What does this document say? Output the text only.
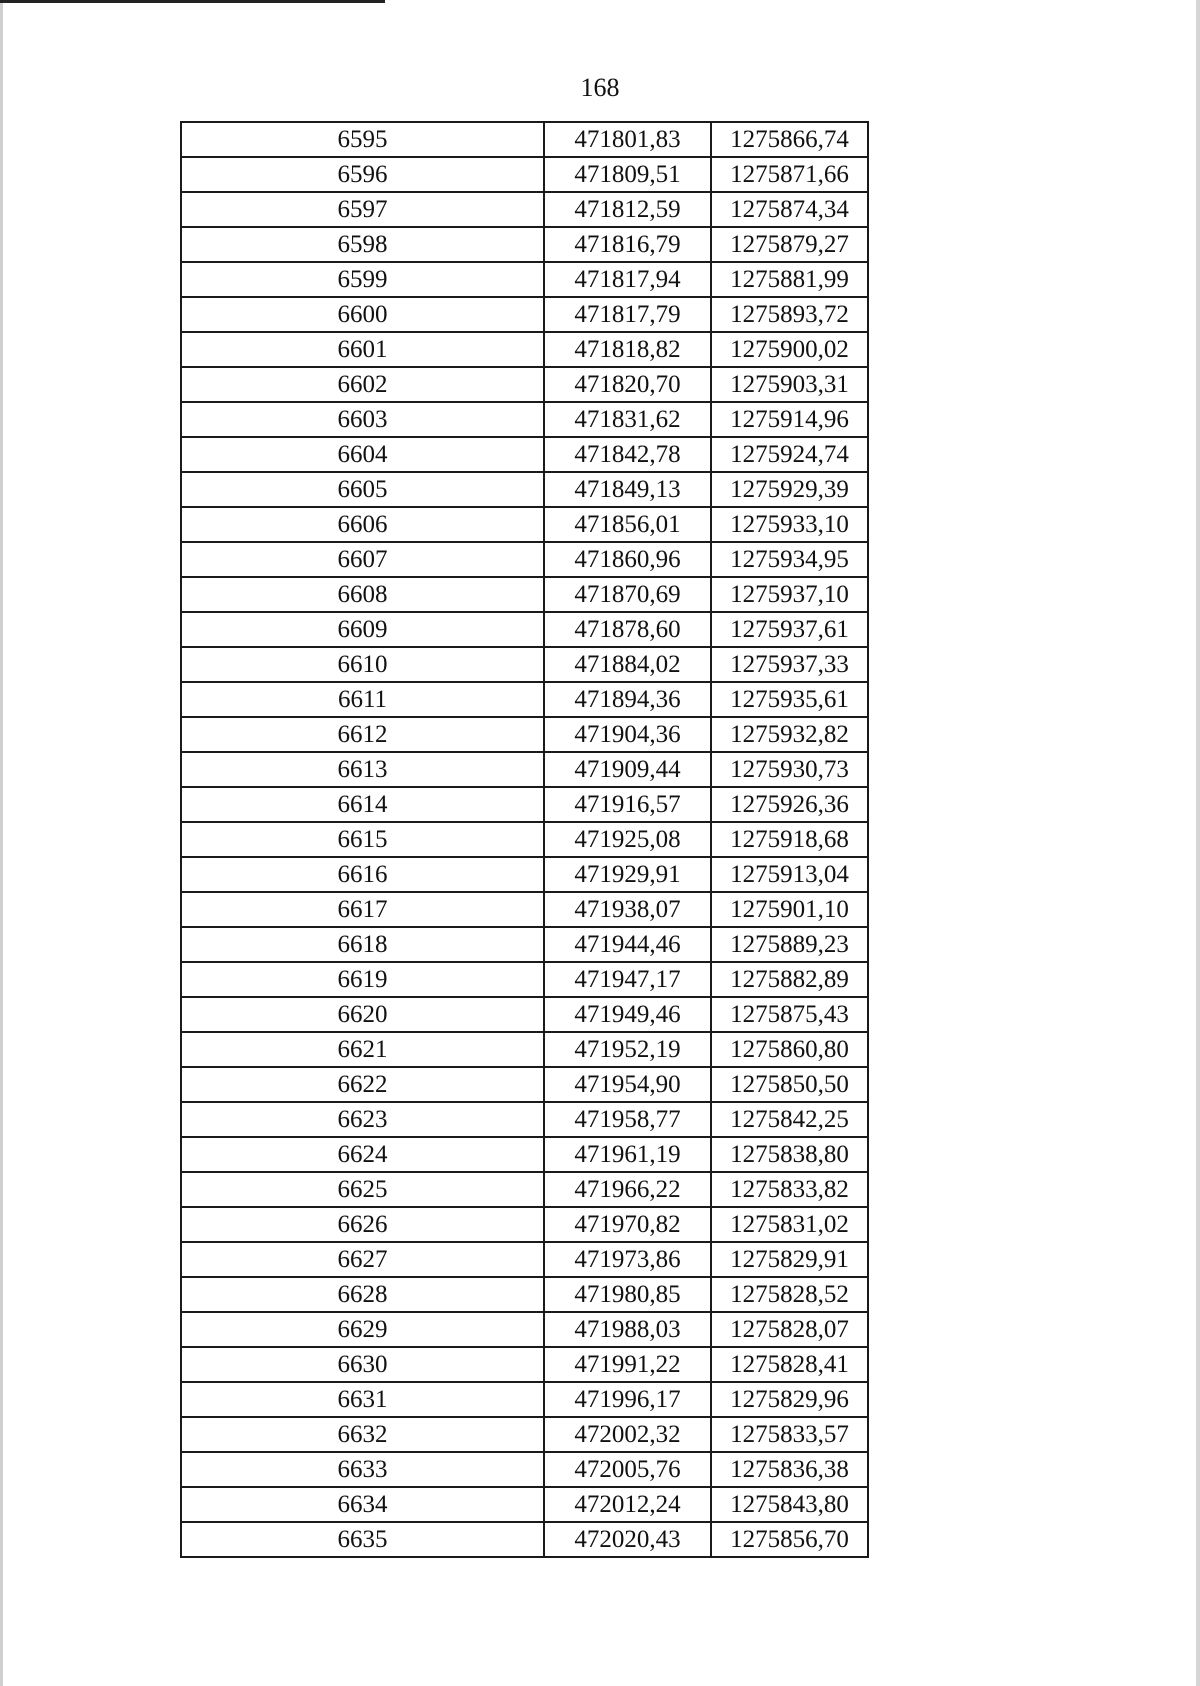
168
6595	471801,83	1275866,74
6596	471809,51	1275871,66
6597	471812,59	1275874,34
6598	471816,79	1275879,27
6599	471817,94	1275881,99
6600	471817,79	1275893,72
6601	471818,82	1275900,02
6602	471820,70	1275903,31
6603	471831,62	1275914,96
6604	471842,78	1275924,74
6605	471849,13	1275929,39
6606	471856,01	1275933,10
6607	471860,96	1275934,95
6608	471870,69	1275937,10
6609	471878,60	1275937,61
6610	471884,02	1275937,33
6611	471894,36	1275935,61
6612	471904,36	1275932,82
6613	471909,44	1275930,73
6614	471916,57	1275926,36
6615	471925,08	1275918,68
6616	471929,91	1275913,04
6617	471938,07	1275901,10
6618	471944,46	1275889,23
6619	471947,17	1275882,89
6620	471949,46	1275875,43
6621	471952,19	1275860,80
6622	471954,90	1275850,50
6623	471958,77	1275842,25
6624	471961,19	1275838,80
6625	471966,22	1275833,82
6626	471970,82	1275831,02
6627	471973,86	1275829,91
6628	471980,85	1275828,52
6629	471988,03	1275828,07
6630	471991,22	1275828,41
6631	471996,17	1275829,96
6632	472002,32	1275833,57
6633	472005,76	1275836,38
6634	472012,24	1275843,80
6635	472020,43	1275856,70
